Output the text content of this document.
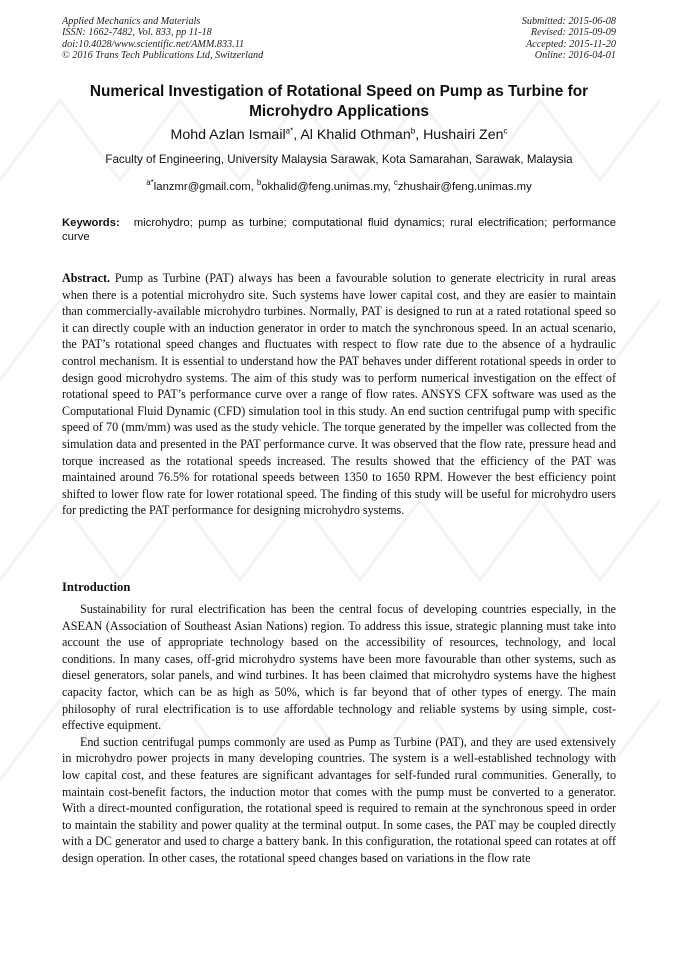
Applied Mechanics and Materials
ISSN: 1662-7482, Vol. 833, pp 11-18
doi:10.4028/www.scientific.net/AMM.833.11
© 2016 Trans Tech Publications Ltd, Switzerland
Submitted: 2015-06-08
Revised: 2015-09-09
Accepted: 2015-11-20
Online: 2016-04-01
Numerical Investigation of Rotational Speed on Pump as Turbine for Microhydro Applications
Mohd Azlan Ismail$^{a*}$, Al Khalid Othman$^b$, Hushairi Zen$^c$
Faculty of Engineering, University Malaysia Sarawak, Kota Samarahan, Sarawak, Malaysia
$^{a*}$lanzmr@gmail.com, $^b$okhalid@feng.unimas.my, $^c$zhushair@feng.unimas.my
Keywords: microhydro; pump as turbine; computational fluid dynamics; rural electrification; performance curve
Abstract. Pump as Turbine (PAT) always has been a favourable solution to generate electricity in rural areas when there is a potential microhydro site. Such systems have lower capital cost, and they are easier to maintain than commercially-available microhydro turbines. Normally, PAT is designed to run at a rated rotational speed so it can directly couple with an induction generator in order to match the synchronous speed. In an actual scenario, the PAT’s rotational speed changes and fluctuates with respect to flow rate due to the absence of a hydraulic control mechanism. It is essential to understand how the PAT behaves under different rotational speeds in order to design good microhydro systems. The aim of this study was to perform numerical investigation on the effect of rotational speed to PAT’s performance curve over a range of flow rates. ANSYS CFX software was used as the Computational Fluid Dynamic (CFD) simulation tool in this study. An end suction centrifugal pump with specific speed of 70 (mm/mm) was used as the study vehicle. The torque generated by the impeller was collected from the simulation data and presented in the PAT performance curve. It was observed that the flow rate, pressure head and torque increased as the rotational speeds increased. The results showed that the efficiency of the PAT was maintained around 76.5% for rotational speeds between 1350 to 1650 RPM. However the best efficiency point shifted to lower flow rate for lower rotational speed. The finding of this study will be useful for microhydro users for predicting the PAT performance for designing microhydro systems.
Introduction

Sustainability for rural electrification has been the central focus of developing countries especially, in the ASEAN (Association of Southeast Asian Nations) region. To address this issue, strategic planning must take into account the use of appropriate technology based on the accessibility of resources, technology, and local conditions. In many cases, off-grid microhydro systems have been more favourable than other systems, such as diesel generators, solar panels, and wind turbines. It has been claimed that microhydro systems have the highest capacity factor, which can be as high as 50%, which is far beyond that of other types of energy. The main philosophy of rural electrification is to use affordable technology and reliable systems by using simple, cost-effective equipment.

End suction centrifugal pumps commonly are used as Pump as Turbine (PAT), and they are used extensively in microhydro power projects in many developing countries. The system is a well-established technology with low capital cost, and these features are significant advantages for self-funded rural communities. Generally, to maintain cost-benefit factors, the induction motor that comes with the pump must be converted to a generator. With a direct-mounted configuration, the rotational speed is required to remain at the synchronous speed in order to maintain the stability and power quality at the terminal output. In some cases, the PAT may be coupled directly with a DC generator and used to charge a battery bank. In this configuration, the rotational speed can rotates at off design operation. In other cases, the rotational speed changes based on variations in the flow rate
